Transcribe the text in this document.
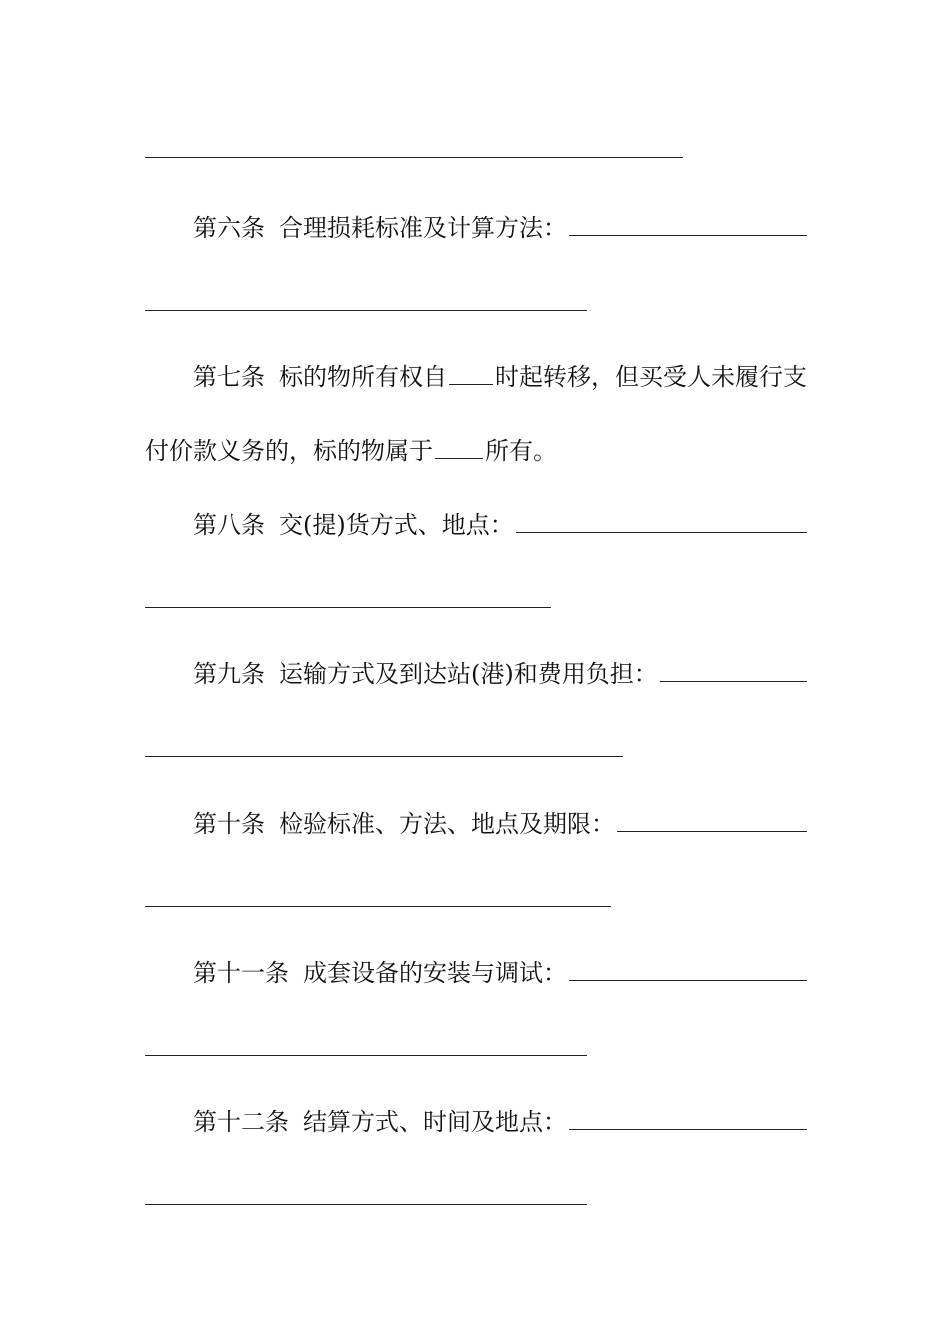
第六条 合理损耗标准及计算方法：
第七条 标的物所有权自 时起转移，但买受人未履行支
付价款义务的，标的物属于 所有。
第八条 交(提)货方式、地点：
第九条 运输方式及到达站(港)和费用负担：
第十条 检验标准、方法、地点及期限：
第十一条 成套设备的安装与调试：
第十二条 结算方式、时间及地点：
